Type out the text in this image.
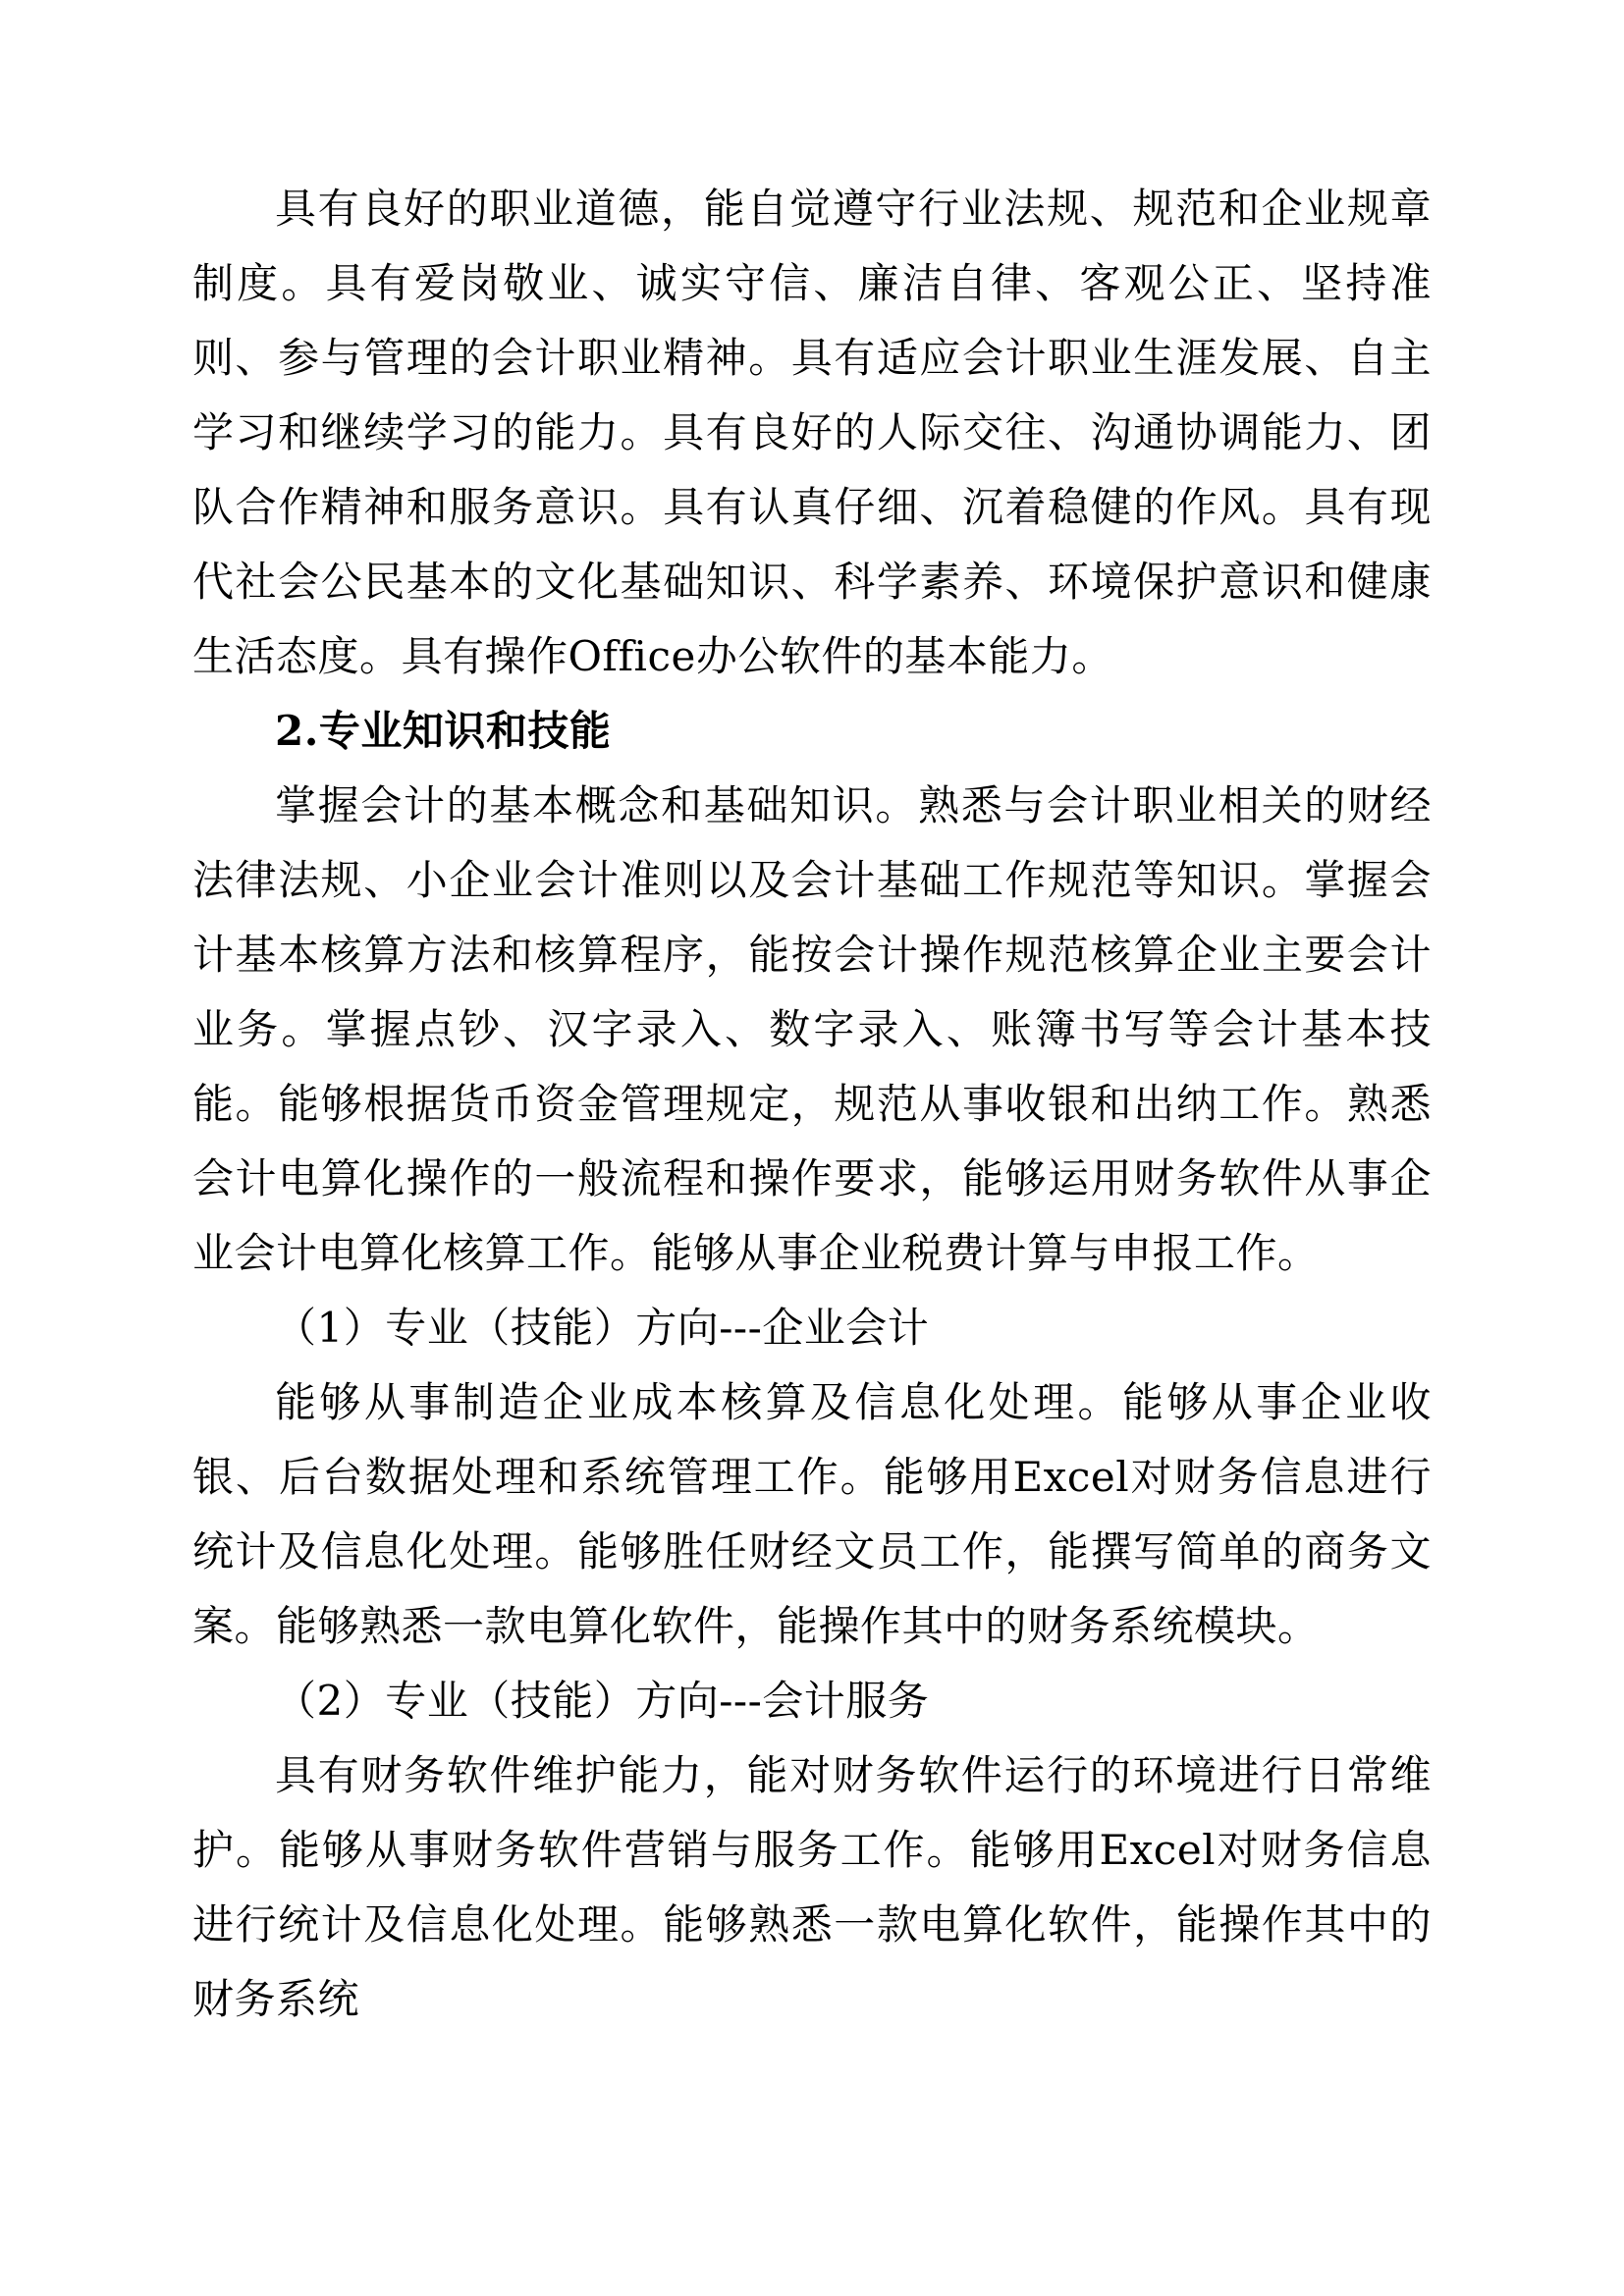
具有良好的职业道德，能自觉遵守行业法规、规范和企业规章制度。具有爱岗敬业、诚实守信、廉洁自律、客观公正、坚持准则、参与管理的会计职业精神。具有适应会计职业生涯发展、自主学习和继续学习的能力。具有良好的人际交往、沟通协调能力、团队合作精神和服务意识。具有认真仔细、沉着稳健的作风。具有现代社会公民基本的文化基础知识、科学素养、环境保护意识和健康生活态度。具有操作Office办公软件的基本能力。

2.专业知识和技能

掌握会计的基本概念和基础知识。熟悉与会计职业相关的财经法律法规、小企业会计准则以及会计基础工作规范等知识。掌握会计基本核算方法和核算程序，能按会计操作规范核算企业主要会计业务。掌握点钞、汉字录入、数字录入、账簿书写等会计基本技能。能够根据货币资金管理规定，规范从事收银和出纳工作。熟悉会计电算化操作的一般流程和操作要求，能够运用财务软件从事企业会计电算化核算工作。能够从事企业税费计算与申报工作。

（1）专业（技能）方向---企业会计

能够从事制造企业成本核算及信息化处理。能够从事企业收银、后台数据处理和系统管理工作。能够用Excel对财务信息进行统计及信息化处理。能够胜任财经文员工作，能撰写简单的商务文案。能够熟悉一款电算化软件，能操作其中的财务系统模块。

（2）专业（技能）方向---会计服务

具有财务软件维护能力，能对财务软件运行的环境进行日常维护。能够从事财务软件营销与服务工作。能够用Excel对财务信息进行统计及信息化处理。能够熟悉一款电算化软件，能操作其中的财务系统
